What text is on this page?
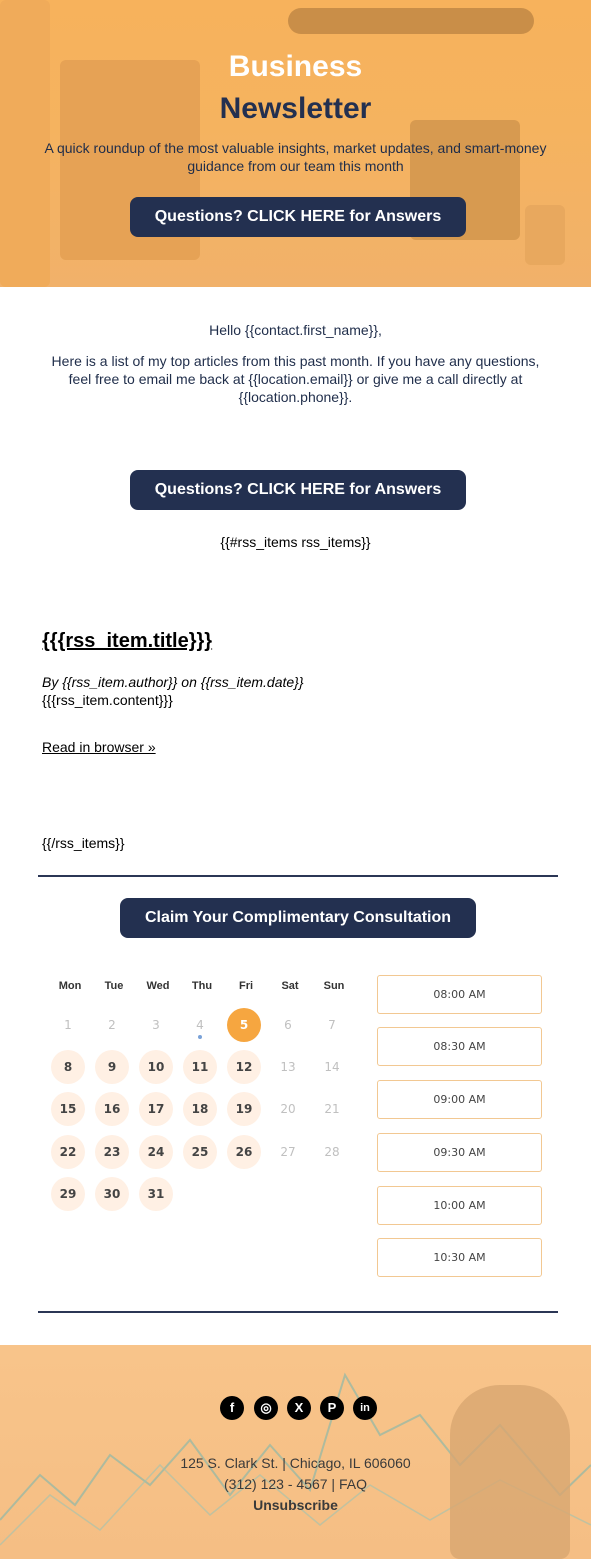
Business
Newsletter
A quick roundup of the most valuable insights, market updates, and smart-money guidance from our team this month
Questions? CLICK HERE for Answers
Hello {{contact.first_name}},
Here is a list of my top articles from this past month. If you have any questions, feel free to email me back at {{location.email}} or give me a call directly at {{location.phone}}.
Questions? CLICK HERE for Answers
{{#rss_items rss_items}}
{{{rss_item.title}}}
By {{rss_item.author}} on {{rss_item.date}}
{{{rss_item.content}}}
Read in browser »
{{/rss_items}}
Claim Your Complimentary Consultation
Mon	Tue	Wed	Thu	Fri	Sat	Sun
1	2	3	4	5	6	7
8	9	10	11	12	13	14
15	16	17	18	19	20	21
22	23	24	25	26	27	28
29	30	31
08:00 AM
08:30 AM
09:00 AM
09:30 AM
10:00 AM
10:30 AM
f	◎	X	P	in
125 S. Clark St. | Chicago, IL 606060
(312) 123 - 4567 | FAQ
Unsubscribe
